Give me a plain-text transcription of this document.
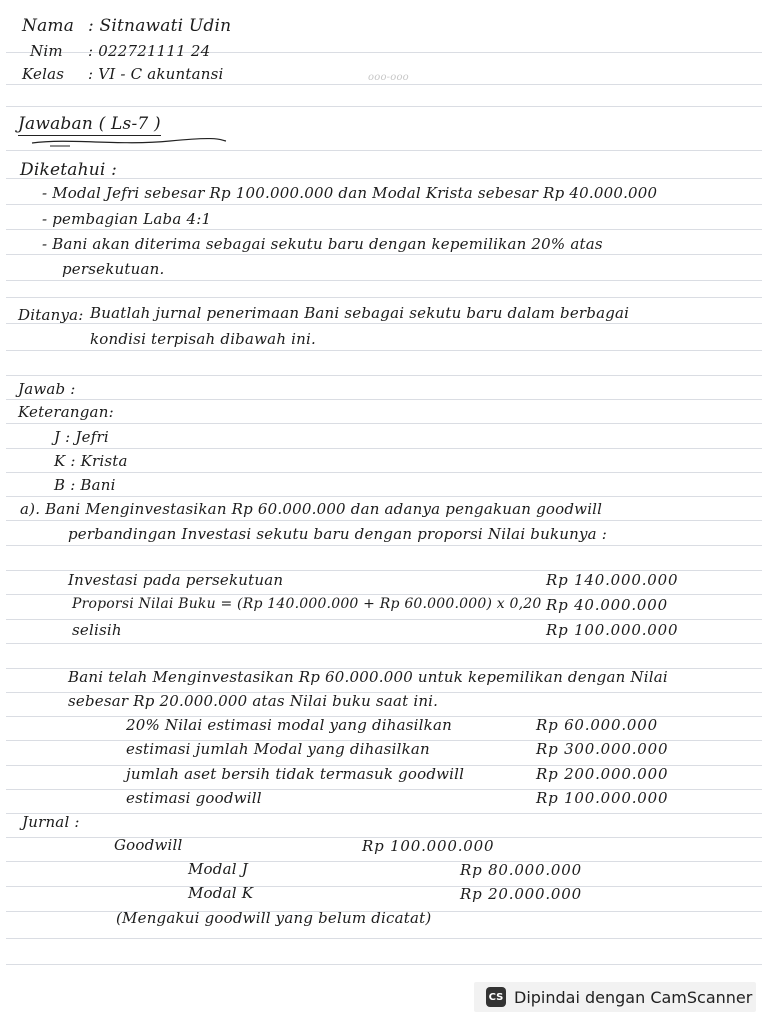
Nama : Sitnawati Udin
Nim : 022721111 24
Kelas : VI - C akuntansi	ooo-ooo
Jawaban ( Ls-7 )
Diketahui :
- Modal Jefri sebesar Rp 100.000.000 dan Modal Krista sebesar Rp 40.000.000
- pembagian Laba 4:1
- Bani akan diterima sebagai sekutu baru dengan kepemilikan 20% atas
persekutuan.
Ditanya: Buatlah jurnal penerimaan Bani sebagai sekutu baru dalam berbagai
kondisi terpisah dibawah ini.
Jawab :
Keterangan:
J : Jefri
K : Krista
B : Bani
a). Bani Menginvestasikan Rp 60.000.000 dan adanya pengakuan goodwill
perbandingan Investasi sekutu baru dengan proporsi Nilai bukunya :
Investasi pada persekutuan	Rp 140.000.000
Proporsi Nilai Buku = (Rp 140.000.000 + Rp 60.000.000) x 0,20 Rp 40.000.000
selisih	Rp 100.000.000
Bani telah Menginvestasikan Rp 60.000.000 untuk kepemilikan dengan Nilai
sebesar Rp 20.000.000 atas Nilai buku saat ini.
20% Nilai estimasi modal yang dihasilkan	Rp 60.000.000
estimasi jumlah Modal yang dihasilkan	Rp 300.000.000
jumlah aset bersih tidak termasuk goodwill	Rp 200.000.000
estimasi goodwill	Rp 100.000.000
Jurnal :
Goodwill	Rp 100.000.000
Modal J	Rp 80.000.000
Modal K	Rp 20.000.000
(Mengakui goodwill yang belum dicatat)
CS Dipindai dengan CamScanner
